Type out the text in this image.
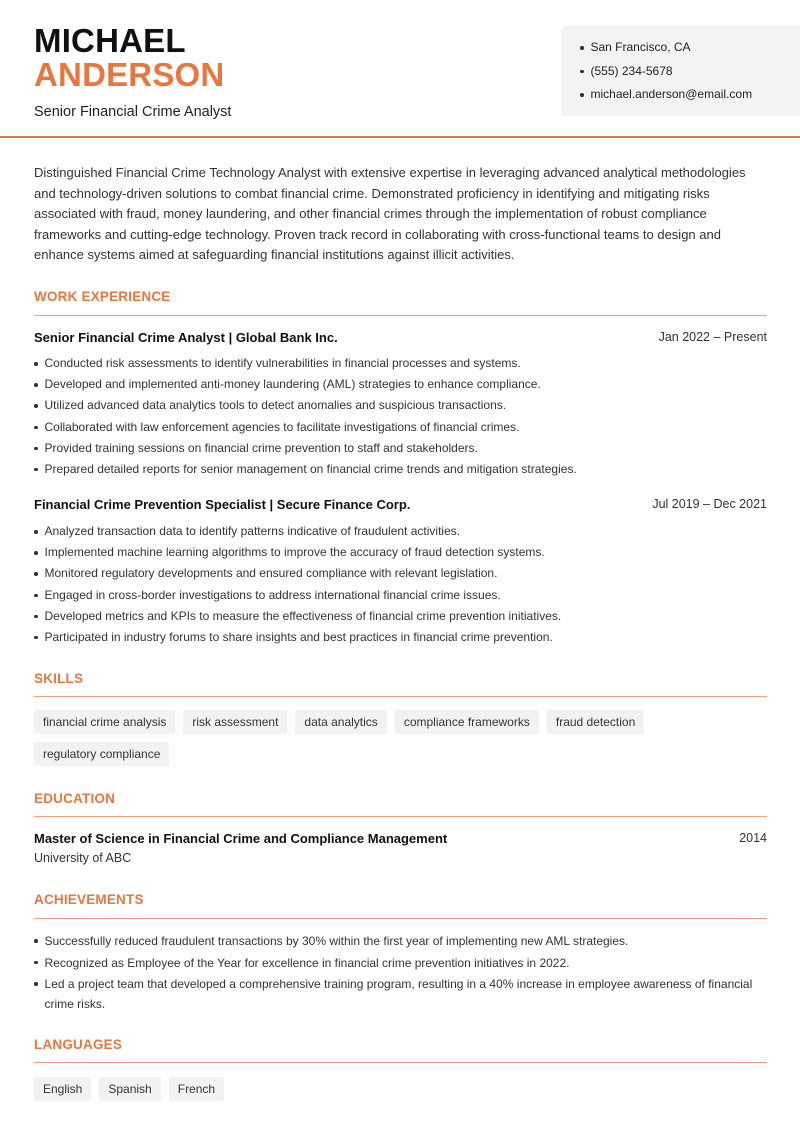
MICHAEL
ANDERSON
Senior Financial Crime Analyst
San Francisco, CA
(555) 234-5678
michael.anderson@email.com

Distinguished Financial Crime Technology Analyst with extensive expertise in leveraging advanced analytical methodologies and technology-driven solutions to combat financial crime. Demonstrated proficiency in identifying and mitigating risks associated with fraud, money laundering, and other financial crimes through the implementation of robust compliance frameworks and cutting-edge technology. Proven track record in collaborating with cross-functional teams to design and enhance systems aimed at safeguarding financial institutions against illicit activities.

WORK EXPERIENCE
Senior Financial Crime Analyst | Global Bank Inc.	Jan 2022 – Present
Conducted risk assessments to identify vulnerabilities in financial processes and systems.
Developed and implemented anti-money laundering (AML) strategies to enhance compliance.
Utilized advanced data analytics tools to detect anomalies and suspicious transactions.
Collaborated with law enforcement agencies to facilitate investigations of financial crimes.
Provided training sessions on financial crime prevention to staff and stakeholders.
Prepared detailed reports for senior management on financial crime trends and mitigation strategies.
Financial Crime Prevention Specialist | Secure Finance Corp.	Jul 2019 – Dec 2021
Analyzed transaction data to identify patterns indicative of fraudulent activities.
Implemented machine learning algorithms to improve the accuracy of fraud detection systems.
Monitored regulatory developments and ensured compliance with relevant legislation.
Engaged in cross-border investigations to address international financial crime issues.
Developed metrics and KPIs to measure the effectiveness of financial crime prevention initiatives.
Participated in industry forums to share insights and best practices in financial crime prevention.
SKILLS
financial crime analysis	risk assessment	data analytics	compliance frameworks	fraud detection
regulatory compliance
EDUCATION
Master of Science in Financial Crime and Compliance Management	2014
University of ABC
ACHIEVEMENTS
Successfully reduced fraudulent transactions by 30% within the first year of implementing new AML strategies.
Recognized as Employee of the Year for excellence in financial crime prevention initiatives in 2022.
Led a project team that developed a comprehensive training program, resulting in a 40% increase in employee awareness of financial crime risks.
LANGUAGES
English	Spanish	French
